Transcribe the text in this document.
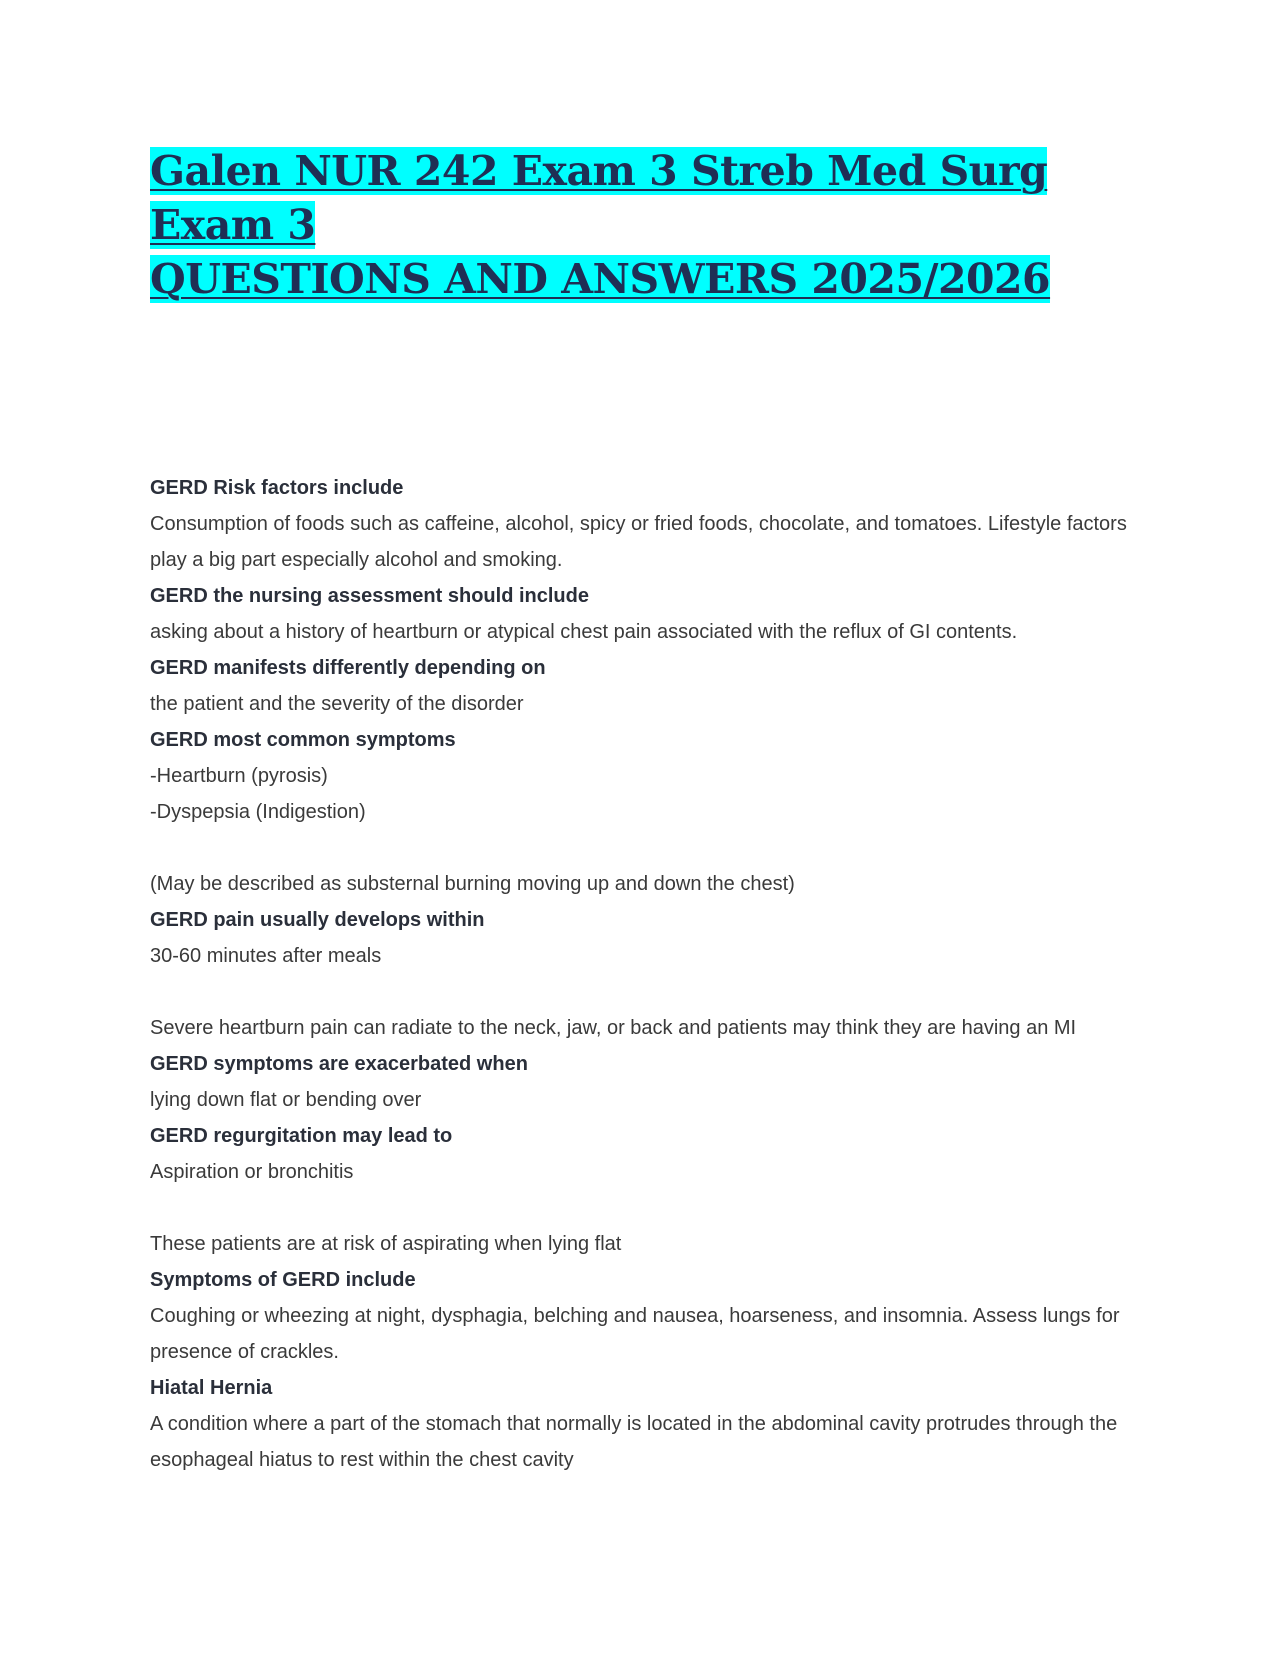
Galen NUR 242 Exam 3 Streb Med Surg Exam 3
QUESTIONS AND ANSWERS 2025/2026

GERD Risk factors include

Consumption of foods such as caffeine, alcohol, spicy or fried foods, chocolate, and tomatoes. Lifestyle factors play a big part especially alcohol and smoking.

GERD the nursing assessment should include

asking about a history of heartburn or atypical chest pain associated with the reflux of GI contents.

GERD manifests differently depending on

the patient and the severity of the disorder

GERD most common symptoms

-Heartburn (pyrosis)

-Dyspepsia (Indigestion)

(May be described as substernal burning moving up and down the chest)

GERD pain usually develops within

30-60 minutes after meals

Severe heartburn pain can radiate to the neck, jaw, or back and patients may think they are having an MI

GERD symptoms are exacerbated when

lying down flat or bending over

GERD regurgitation may lead to

Aspiration or bronchitis

These patients are at risk of aspirating when lying flat

Symptoms of GERD include

Coughing or wheezing at night, dysphagia, belching and nausea, hoarseness, and insomnia. Assess lungs for presence of crackles.

Hiatal Hernia

A condition where a part of the stomach that normally is located in the abdominal cavity protrudes through the esophageal hiatus to rest within the chest cavity
